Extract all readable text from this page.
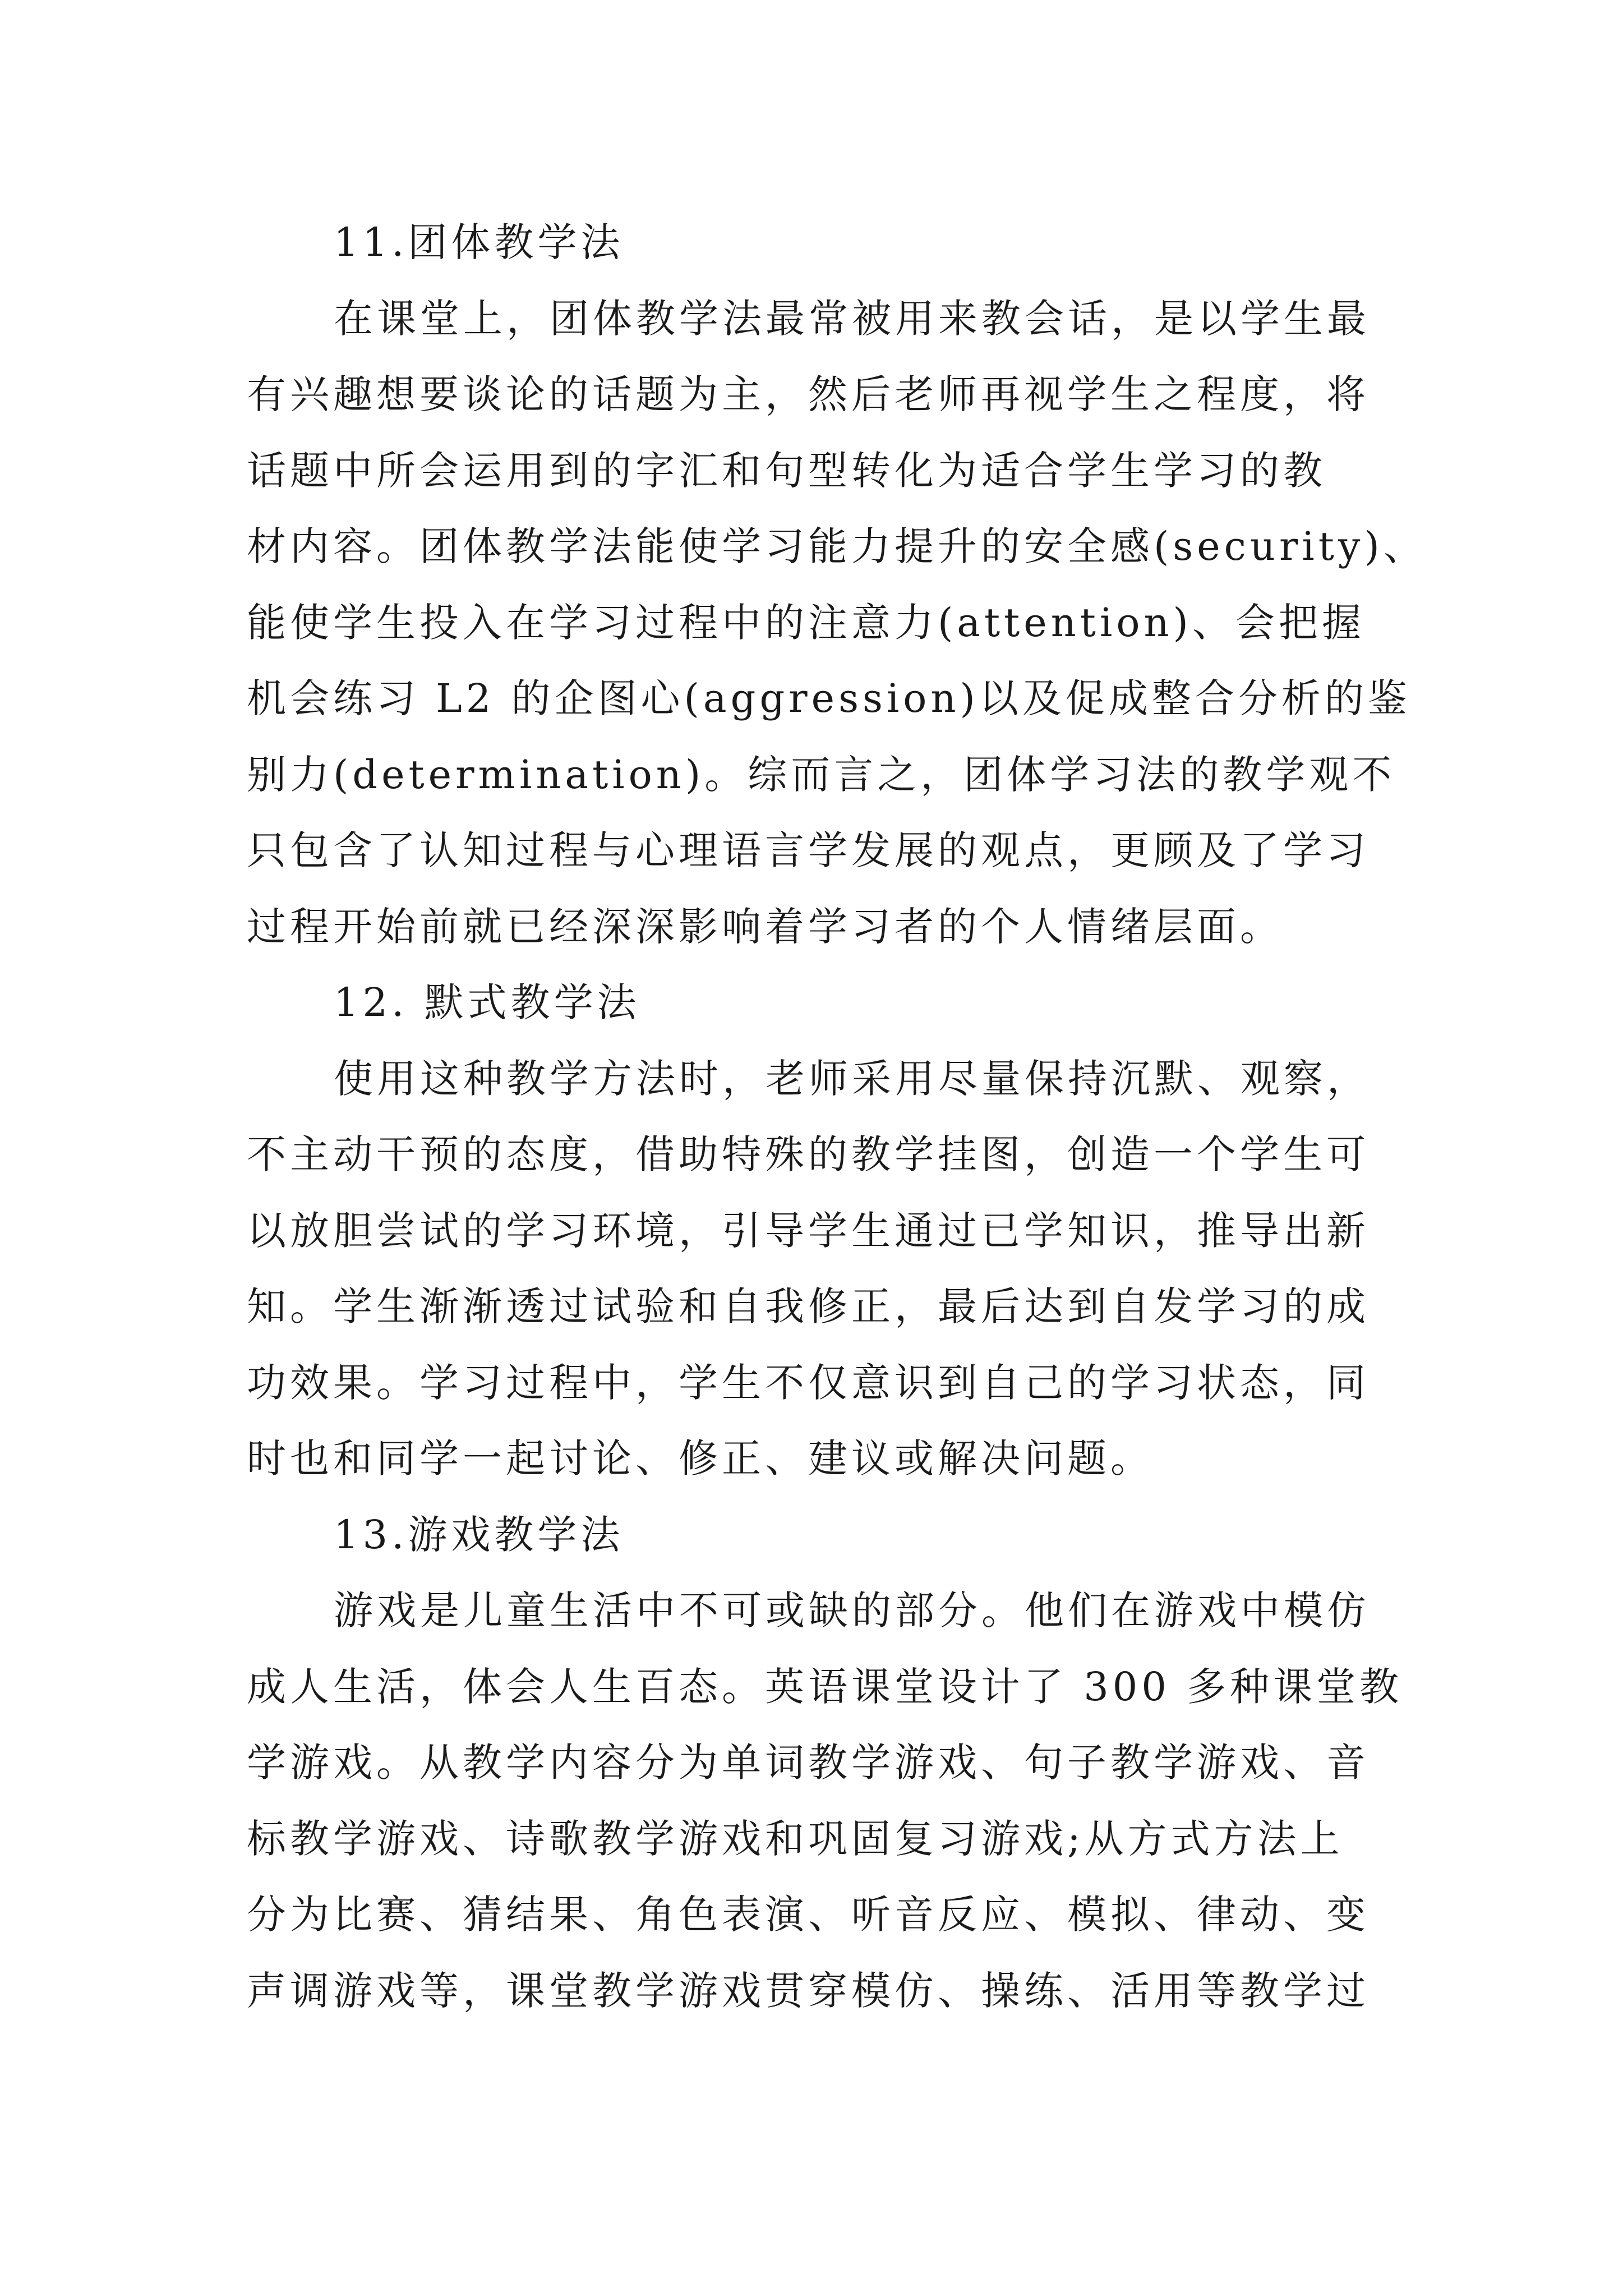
11.团体教学法
在课堂上，团体教学法最常被用来教会话，是以学生最
有兴趣想要谈论的话题为主，然后老师再视学生之程度，将
话题中所会运用到的字汇和句型转化为适合学生学习的教
材内容。团体教学法能使学习能力提升的安全感(security)、
能使学生投入在学习过程中的注意力(attention)、会把握
机会练习 L2 的企图心(aggression)以及促成整合分析的鉴
别力(determination)。综而言之，团体学习法的教学观不
只包含了认知过程与心理语言学发展的观点，更顾及了学习
过程开始前就已经深深影响着学习者的个人情绪层面。
12. 默式教学法
使用这种教学方法时，老师采用尽量保持沉默、观察，
不主动干预的态度，借助特殊的教学挂图，创造一个学生可
以放胆尝试的学习环境，引导学生通过已学知识，推导出新
知。学生渐渐透过试验和自我修正，最后达到自发学习的成
功效果。学习过程中，学生不仅意识到自己的学习状态，同
时也和同学一起讨论、修正、建议或解决问题。
13.游戏教学法
游戏是儿童生活中不可或缺的部分。他们在游戏中模仿
成人生活，体会人生百态。英语课堂设计了 300 多种课堂教
学游戏。从教学内容分为单词教学游戏、句子教学游戏、音
标教学游戏、诗歌教学游戏和巩固复习游戏;从方式方法上
分为比赛、猜结果、角色表演、听音反应、模拟、律动、变
声调游戏等，课堂教学游戏贯穿模仿、操练、活用等教学过
